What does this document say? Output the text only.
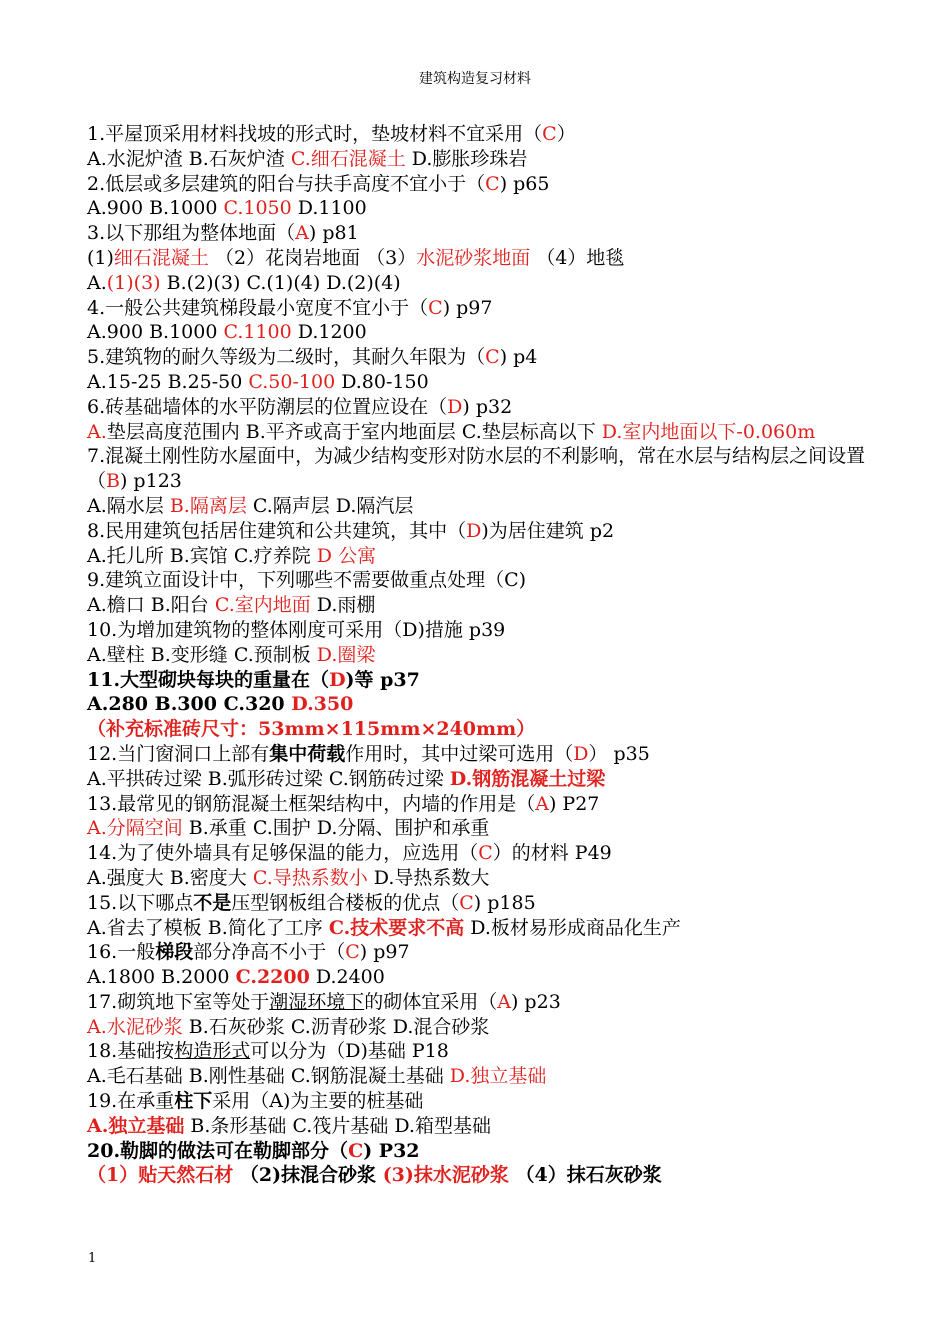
建筑构造复习材料
1.平屋顶采用材料找坡的形式时，垫坡材料不宜采用（C）
A.水泥炉渣 B.石灰炉渣 C.细石混凝土 D.膨胀珍珠岩
2.低层或多层建筑的阳台与扶手高度不宜小于（C) p65
A.900 B.1000 C.1050 D.1100
3.以下那组为整体地面（A) p81
(1)细石混凝土 （2）花岗岩地面 （3）水泥砂浆地面 （4）地毯
A.(1)(3) B.(2)(3) C.(1)(4) D.(2)(4)
4.一般公共建筑梯段最小宽度不宜小于（C) p97
A.900 B.1000 C.1100 D.1200
5.建筑物的耐久等级为二级时，其耐久年限为（C) p4
A.15-25 B.25-50 C.50-100 D.80-150
6.砖基础墙体的水平防潮层的位置应设在（D) p32
A.垫层高度范围内 B.平齐或高于室内地面层 C.垫层标高以下 D.室内地面以下-0.060m
7.混凝土刚性防水屋面中，为减少结构变形对防水层的不利影响，常在水层与结构层之间设置（B) p123
A.隔水层 B.隔离层 C.隔声层 D.隔汽层
8.民用建筑包括居住建筑和公共建筑，其中（D)为居住建筑 p2
A.托儿所 B.宾馆 C.疗养院 D 公寓
9.建筑立面设计中，下列哪些不需要做重点处理（C)
A.檐口 B.阳台 C.室内地面 D.雨棚
10.为增加建筑物的整体刚度可采用（D)措施 p39
A.壁柱 B.变形缝 C.预制板 D.圈梁
11.大型砌块每块的重量在（D)等 p37
A.280 B.300 C.320 D.350
（补充标准砖尺寸：53mm×115mm×240mm）
12.当门窗洞口上部有集中荷载作用时，其中过梁可选用（D） p35
A.平拱砖过梁 B.弧形砖过梁 C.钢筋砖过梁 D.钢筋混凝土过梁
13.最常见的钢筋混凝土框架结构中，内墙的作用是（A) P27
A.分隔空间 B.承重 C.围护 D.分隔、围护和承重
14.为了使外墙具有足够保温的能力，应选用（C）的材料 P49
A.强度大 B.密度大 C.导热系数小 D.导热系数大
15.以下哪点不是压型钢板组合楼板的优点（C) p185
A.省去了模板 B.简化了工序 C.技术要求不高 D.板材易形成商品化生产
16.一般梯段部分净高不小于（C) p97
A.1800 B.2000 C.2200 D.2400
17.砌筑地下室等处于潮湿环境下的砌体宜采用（A) p23
A.水泥砂浆 B.石灰砂浆 C.沥青砂浆 D.混合砂浆
18.基础按构造形式可以分为（D)基础 P18
A.毛石基础 B.刚性基础 C.钢筋混凝土基础 D.独立基础
19.在承重柱下采用（A)为主要的桩基础
A.独立基础 B.条形基础 C.筏片基础 D.箱型基础
20.勒脚的做法可在勒脚部分（C) P32
（1）贴天然石材 （2)抹混合砂浆 (3)抹水泥砂浆 （4）抹石灰砂浆
1
